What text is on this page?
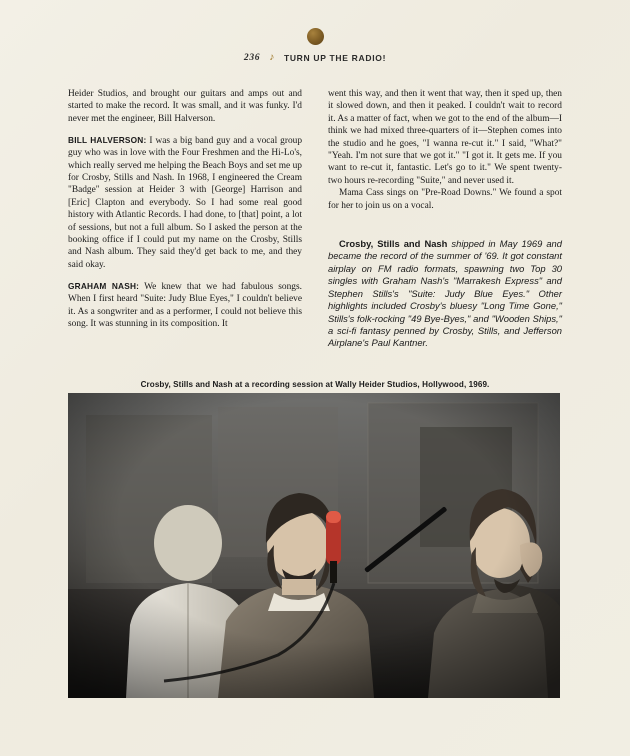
236 ♪ TURN UP THE RADIO!

Heider Studios, and brought our guitars and amps out and started to make the record. It was small, and it was funky. I'd never met the engineer, Bill Halverson.

BILL HALVERSON: I was a big band guy and a vocal group guy who was in love with the Four Freshmen and the Hi-Lo's, which really served me helping the Beach Boys and set me up for Crosby, Stills and Nash. In 1968, I engineered the Cream "Badge" session at Heider 3 with [George] Harrison and [Eric] Clapton and everybody. So I had some real good history with Atlantic Records. I had done, to [that] point, a lot of sessions, but not a full album. So I asked the person at the booking office if I could put my name on the Crosby, Stills and Nash album. They said they'd get back to me, and they said okay.

GRAHAM NASH: We knew that we had fabulous songs. When I first heard "Suite: Judy Blue Eyes," I couldn't believe it. As a songwriter and as a performer, I could not believe this song. It was stunning in its composition. It

went this way, and then it went that way, then it sped up, then it slowed down, and then it peaked. I couldn't wait to record it. As a matter of fact, when we got to the end of the album—I think we had mixed three-quarters of it—Stephen comes into the studio and he goes, "I wanna re-cut it." I said, "What?" "Yeah. I'm not sure that we got it." "I got it. It gets me. If you want to re-cut it, fantastic. Let's go to it." We spent twenty-two hours re-recording "Suite," and never used it.

Mama Cass sings on "Pre-Road Downs." We found a spot for her to join us on a vocal.

Crosby, Stills and Nash shipped in May 1969 and became the record of the summer of '69. It got constant airplay on FM radio formats, spawning two Top 30 singles with Graham Nash's "Marrakesh Express" and Stephen Stills's "Suite: Judy Blue Eyes." Other highlights included Crosby's bluesy "Long Time Gone," Stills's folk-rocking "49 Bye-Byes," and "Wooden Ships," a sci-fi fantasy penned by Crosby, Stills, and Jefferson Airplane's Paul Kantner.

Crosby, Stills and Nash at a recording session at Wally Heider Studios, Hollywood, 1969.
